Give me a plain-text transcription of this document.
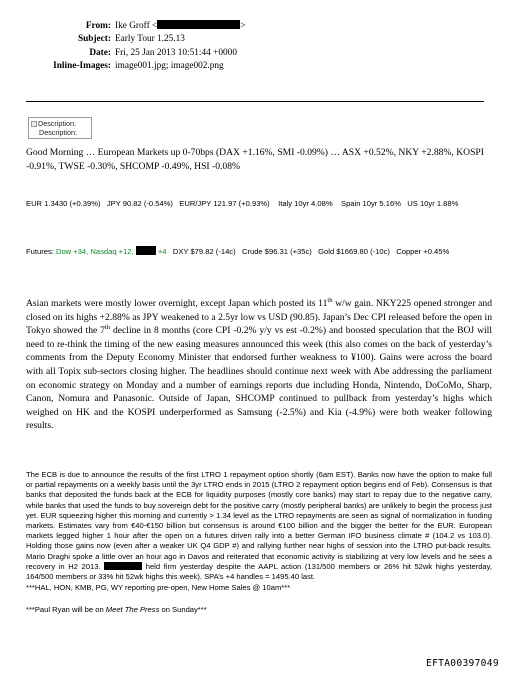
From: Ike Groff <	>
Subject: Early Tour 1.25.13
Date: Fri, 25 Jan 2013 10:51:44 +0000
Inline-Images: image001.jpg; image002.png
Description:
Description:
Good Morning … European Markets up 0-70bps (DAX +1.16%, SMI -0.09%) … ASX +0.52%, NKY +2.88%, KOSPI -0.91%, TWSE -0.30%, SHCOMP -0.49%, HSI -0.08%
EUR 1.3430 (+0.39%)   JPY 90.82 (-0.54%)   EUR/JPY 121.97 (+0.93%)    Italy 10yr 4.08%    Spain 10yr 5.16%   US 10yr 1.88%
Futures: Dow +34, Nasdaq +12,	+4   DXY $79.82 (-14c)   Crude $96.31 (+35c)   Gold $1669.80 (-10c)   Copper +0.45%
Asian markets were mostly lower overnight, except Japan which posted its 11th w/w gain. NKY225 opened stronger and closed on its highs +2.88% as JPY weakened to a 2.5yr low vs USD (90.85). Japan’s Dec CPI released before the open in Tokyo showed the 7th decline in 8 months (core CPI -0.2% y/y vs est -0.2%) and boosted speculation that the BOJ will need to re-think the timing of the new easing measures announced this week (this also comes on the back of yesterday’s comments from the Deputy Economy Minister that endorsed further weakness to ¥100). Gains were across the board with all Topix sub-sectors closing higher. The headlines should continue next week with Abe addressing the parliament on economic strategy on Monday and a number of earnings reports due including Honda, Nintendo, DoCoMo, Sharp, Canon, Nomura and Panasonic. Outside of Japan, SHCOMP continued to pullback from yesterday’s highs which weighed on HK and the KOSPI underperformed as Samsung (-2.5%) and Kia (-4.9%) were both weaker following results.
The ECB is due to announce the results of the first LTRO 1 repayment option shortly (6am EST). Banks now have the option to make full or partial repayments on a weekly basis until the 3yr LTRO ends in 2015 (LTRO 2 repayment option begins end of Feb). Consensus is that banks that deposited the funds back at the ECB for liquidity purposes (mostly core banks) may start to repay due to the negative carry, while banks that used the funds to buy sovereign debt for the positive carry (mostly peripheral banks) are unlikely to begin the process just yet. EUR squeezing higher this morning and currently > 1.34 level as the LTRO repayments are seen as signal of normalization in funding markets. Estimates vary from €40-€150 billion but consensus is around €100 billion and the bigger the better for the EUR. European markets legged higher 1 hour after the open on a futures driven rally into a better German IFO business climate # (104.2 vs 103.0). Holding those gains now (even after a weaker UK Q4 GDP #) and rallying further near highs of session into the LTRO put-back results. Mario Draghi spoke a little over an hour ago in Davos and reiterated that economic activity is stabilizing at very low levels and he sees a recovery in H2 2013.	held firm yesterday despite the AAPL action (131/500 members or 26% hit 52wk highs yesterday, 164/500 members or 33% hit 52wk highs this week). SPA’s +4 handles = 1495.40 last.
***HAL, HON, KMB, PG, WY reporting pre-open, New Home Sales @ 10am***
***Paul Ryan will be on Meet The Press on Sunday***
EFTA00397049
